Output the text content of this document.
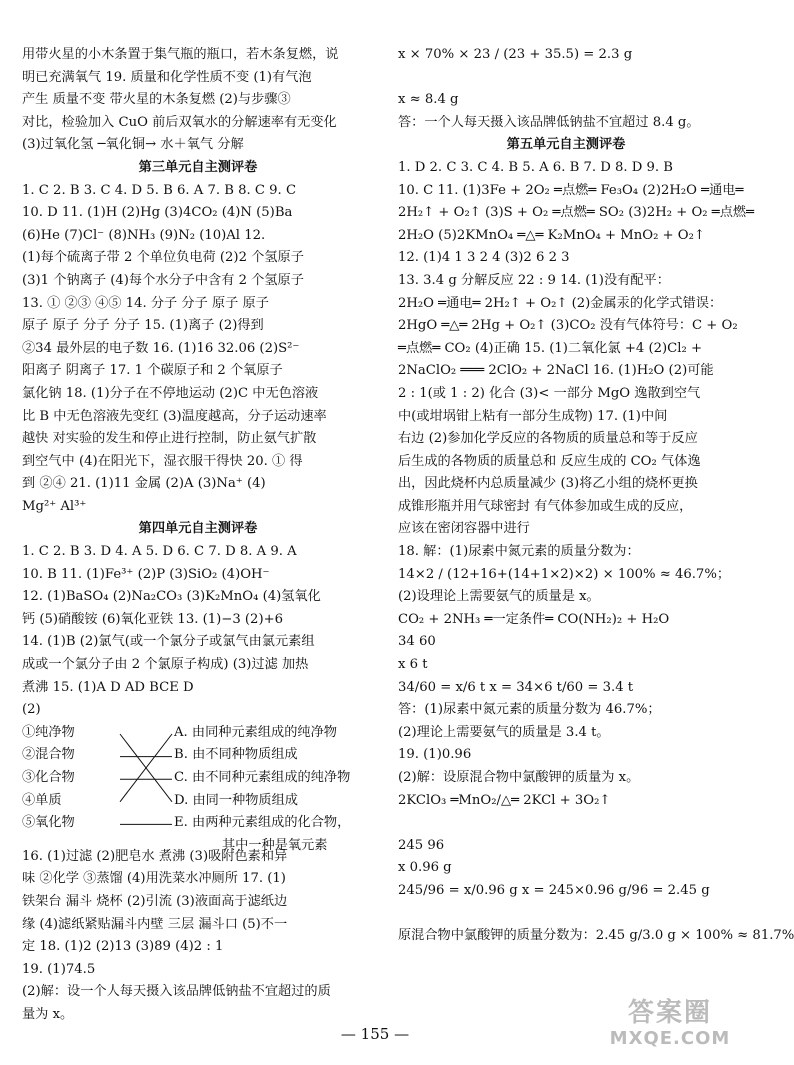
用带火星的小木条置于集气瓶的瓶口，若木条复燃，说
明已充满氧气 19. 质量和化学性质不变 (1)有气泡
产生 质量不变 带火星的木条复燃 (2)与步骤③
对比，检验加入 CuO 前后双氧水的分解速率有无变化
(3)过氧化氢 ─氧化铜→ 水＋氧气 分解
第三单元自主测评卷
1. C 2. B 3. C 4. D 5. B 6. A 7. B 8. C 9. C
10. D 11. (1)H (2)Hg (3)4CO₂ (4)N (5)Ba
(6)He (7)Cl⁻ (8)NH₃ (9)N₂ (10)Al 12.
(1)每个硫离子带 2 个单位负电荷 (2)2 个氢原子
(3)1 个钠离子 (4)每个水分子中含有 2 个氢原子
13. ① ②③ ④⑤ 14. 分子 分子 原子 原子
原子 原子 分子 分子 15. (1)离子 (2)得到
②34 最外层的电子数 16. (1)16 32.06 (2)S²⁻
阳离子 阴离子 17. 1 个碳原子和 2 个氧原子
氯化钠 18. (1)分子在不停地运动 (2)C 中无色溶液
比 B 中无色溶液先变红 (3)温度越高，分子运动速率
越快 对实验的发生和停止进行控制，防止氨气扩散
到空气中 (4)在阳光下，湿衣服干得快 20. ① 得
到 ②④ 21. (1)11 金属 (2)A (3)Na⁺ (4)
Mg²⁺ Al³⁺
第四单元自主测评卷
1. C 2. B 3. D 4. A 5. D 6. C 7. D 8. A 9. A
10. B 11. (1)Fe³⁺ (2)P (3)SiO₂ (4)OH⁻
12. (1)BaSO₄ (2)Na₂CO₃ (3)K₂MnO₄ (4)氢氧化
钙 (5)硝酸铵 (6)氧化亚铁 13. (1)−3 (2)+6
14. (1)B (2)氯气(或一个氯分子或氯气由氯元素组
成或一个氯分子由 2 个氯原子构成) (3)过滤 加热
煮沸 15. (1)A D AD BCE D
(2)
①纯净物
②混合物
③化合物
④单质
⑤氧化物
A. 由同种元素组成的纯净物
B. 由不同种物质组成
C. 由不同种元素组成的纯净物
D. 由同一种物质组成
E. 由两种元素组成的化合物，
其中一种是氧元素
16. (1)过滤 (2)肥皂水 煮沸 (3)吸附色素和异
味 ②化学 ③蒸馏 (4)用洗菜水冲厕所 17. (1)
铁架台 漏斗 烧杯 (2)引流 (3)液面高于滤纸边
缘 (4)滤纸紧贴漏斗内壁 三层 漏斗口 (5)不一
定 18. (1)2 (2)13 (3)89 (4)2 : 1
19. (1)74.5
(2)解：设一个人每天摄入该品牌低钠盐不宜超过的质
量为 x。
x × 70% × 23 / (23 + 35.5) = 2.3 g
x ≈ 8.4 g
答：一个人每天摄入该品牌低钠盐不宜超过 8.4 g。
第五单元自主测评卷
1. D 2. C 3. C 4. B 5. A 6. B 7. D 8. D 9. B
10. C 11. (1)3Fe + 2O₂ ═点燃═ Fe₃O₄ (2)2H₂O ═通电═
2H₂↑ + O₂↑ (3)S + O₂ ═点燃═ SO₂ (3)2H₂ + O₂ ═点燃═
2H₂O (5)2KMnO₄ ═△═ K₂MnO₄ + MnO₂ + O₂↑
12. (1)4 1 3 2 4 (3)2 6 2 3
13. 3.4 g 分解反应 22 : 9 14. (1)没有配平：
2H₂O ═通电═ 2H₂↑ + O₂↑ (2)金属汞的化学式错误：
2HgO ═△═ 2Hg + O₂↑ (3)CO₂ 没有气体符号：C + O₂
═点燃═ CO₂ (4)正确 15. (1)二氧化氯 +4 (2)Cl₂ +
2NaClO₂ ═══ 2ClO₂ + 2NaCl 16. (1)H₂O (2)可能
2 : 1(或 1 : 2) 化合 (3)< 一部分 MgO 逸散到空气
中(或坩埚钳上粘有一部分生成物) 17. (1)中间
右边 (2)参加化学反应的各物质的质量总和等于反应
后生成的各物质的质量总和 反应生成的 CO₂ 气体逸
出，因此烧杯内总质量减少 (3)将乙小组的烧杯更换
成锥形瓶并用气球密封 有气体参加或生成的反应，
应该在密闭容器中进行
18. 解：(1)尿素中氮元素的质量分数为：
14×2 / (12+16+(14+1×2)×2) × 100% ≈ 46.7%；
(2)设理论上需要氨气的质量是 x。
CO₂ + 2NH₃ ═一定条件═ CO(NH₂)₂ + H₂O
34 60
x 6 t
34/60 = x/6 t x = 34×6 t/60 = 3.4 t
答：(1)尿素中氮元素的质量分数为 46.7%；
(2)理论上需要氨气的质量是 3.4 t。
19. (1)0.96
(2)解：设原混合物中氯酸钾的质量为 x。
2KClO₃ ═MnO₂/△═ 2KCl + 3O₂↑
245 96
x 0.96 g
245/96 = x/0.96 g x = 245×0.96 g/96 = 2.45 g
原混合物中氯酸钾的质量分数为：2.45 g/3.0 g × 100% ≈ 81.7%
— 155 —
答案圈
MXQE.COM
